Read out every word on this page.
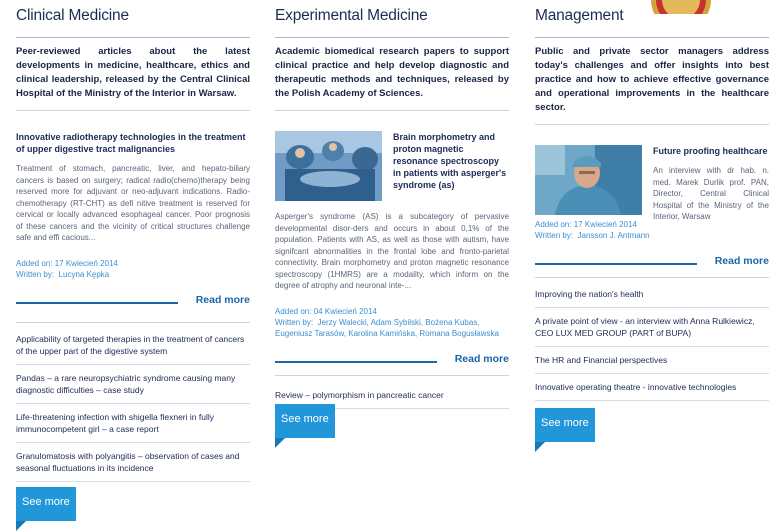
Clinical Medicine
Peer-reviewed articles about the latest developments in medicine, healthcare, ethics and clinical leadership, released by the Central Clinical Hospital of the Ministry of the Interior in Warsaw.
Innovative radiotherapy technologies in the treatment of upper digestive tract malignancies
Treatment of stomach, pancreatic, liver, and hepato-biliary cancers is based on surgery; radical radio(chemo)therapy being reserved more for adjuvant or neo-adjuvant indications. Radio-chemotherapy (RT-CHT) as defi nitive treatment is reserved for cervical or locally advanced esophageal cancer. Poor prognosis of these cancers and the vicinity of critical structures challenge safe and effi cacious...
Added on: 17 Kwiecień 2014
Written by: Lucyna Kępka
Read more
Applicability of targeted therapies in the treatment of cancers of the upper part of the digestive system
Pandas – a rare neuropsychiatric syndrome causing many diagnostic difficulties – case study
Life-threatening infection with shigella flexneri in fully immunocompetent girl – a case report
Granulomatosis with polyangitis – observation of cases and seasonal fluctuations in its incidence
See more
Experimental Medicine
Academic biomedical research papers to support clinical practice and help develop diagnostic and therapeutic methods and techniques, released by the Polish Academy of Sciences.
Brain morphometry and proton magnetic resonance spectroscopy in patients with asperger's syndrome (as)
Asperger's syndrome (AS) is a subcategory of pervasive developmental disor-ders and occurs in about 0,1% of the population. Patients with AS, as well as those with autism, have signifcant abnormalities in the frontal lobe and fronto-parietal connectivity. Brain morphometry and proton magnetic resonance spectroscopy (1HMRS) are a modality, which inform on the degree of atrophy and neuronal inte-...
Added on: 04 Kwiecień 2014
Written by: Jerzy Walecki, Adam Sybilski, Bożena Kubas, Eugeniusz Tarasów, Karolina Kamińska, Romana Bogusławska
Read more
Review – polymorphism in pancreatic cancer
See more
Management
Public and private sector managers address today's challenges and offer insights into best practice and how to achieve effective governance and operational improvements in the healthcare sector.
Future proofing healthcare
An interview with dr hab. n. med. Marek Durlik prof. PAN, Director, Central Clinical Hospital of the Ministry of the Interior, Warsaw
Added on: 17 Kwiecień 2014
Written by: Jansson J. Antmann
Read more
Improving the nation's health
A private point of view - an interview with Anna Rulkiewicz, CEO LUX MED GROUP (PART of BUPA)
The HR and Financial perspectives
Innovative operating theatre - innovative technologies
See more
